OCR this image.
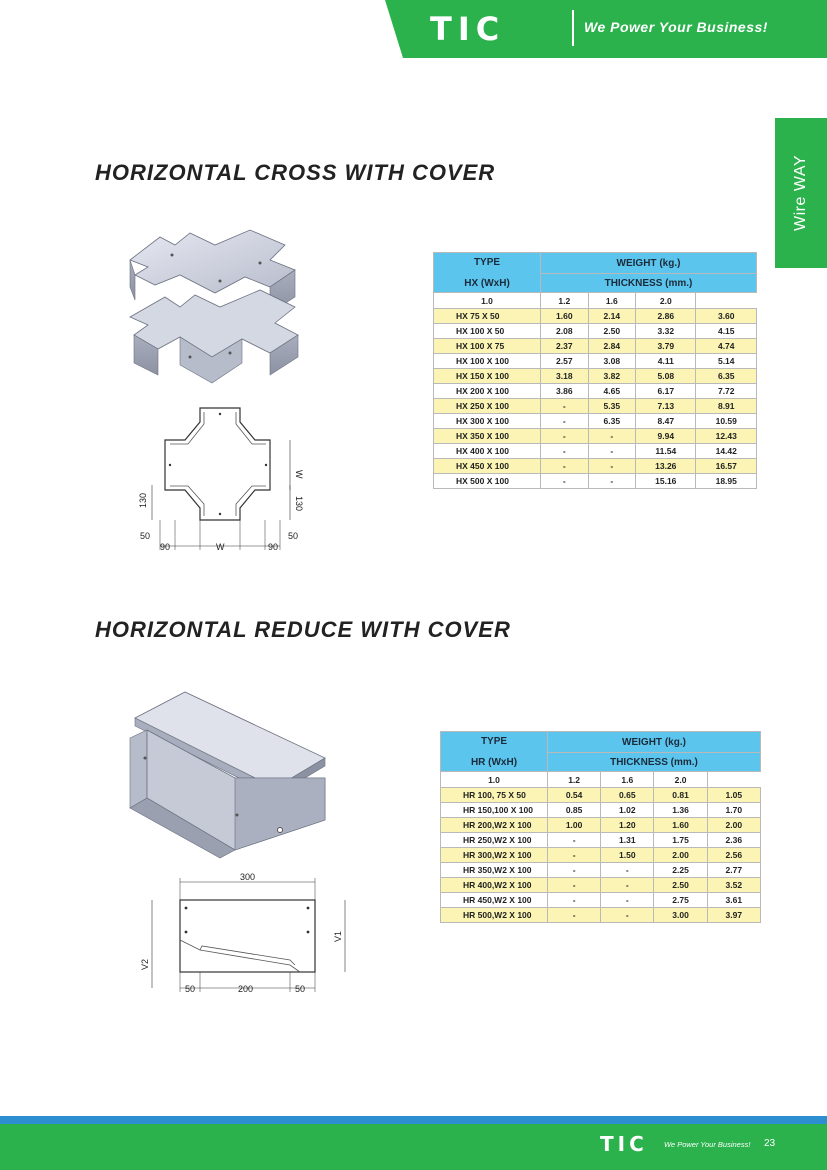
TIC	We Power Your Business!
Wire WAY
HORIZONTAL CROSS WITH COVER
W
130	130
50
90	W	90
50
TYPE
HX (WxH)	WEIGHT (kg.)			
	THICKNESS (mm.)			
1.0	1.2	1.6	2.0	
HX 75 X 50	1.60	2.14	2.86	3.60
HX 100 X 50	2.08	2.50	3.32	4.15
HX 100 X 75	2.37	2.84	3.79	4.74
HX 100 X 100	2.57	3.08	4.11	5.14
HX 150 X 100	3.18	3.82	5.08	6.35
HX 200 X 100	3.86	4.65	6.17	7.72
HX 250 X 100	-	5.35	7.13	8.91
HX 300 X 100	-	6.35	8.47	10.59
HX 350 X 100	-	-	9.94	12.43
HX 400 X 100	-	-	11.54	14.42
HX 450 X 100	-	-	13.26	16.57
HX 500 X 100	-	-	15.16	18.95
HORIZONTAL REDUCE WITH COVER
300
V2
V1
50	200	50
TYPE
HR (WxH)	WEIGHT (kg.)			
	THICKNESS (mm.)			
1.0	1.2	1.6	2.0	
HR 100, 75 X 50	0.54	0.65	0.81	1.05
HR 150,100 X 100	0.85	1.02	1.36	1.70
HR 200,W2 X 100	1.00	1.20	1.60	2.00
HR 250,W2 X 100	-	1.31	1.75	2.36
HR 300,W2 X 100	-	1.50	2.00	2.56
HR 350,W2 X 100	-	-	2.25	2.77
HR 400,W2 X 100	-	-	2.50	3.52
HR 450,W2 X 100	-	-	2.75	3.61
HR 500,W2 X 100	-	-	3.00	3.97
TIC We Power Your Business! 23
